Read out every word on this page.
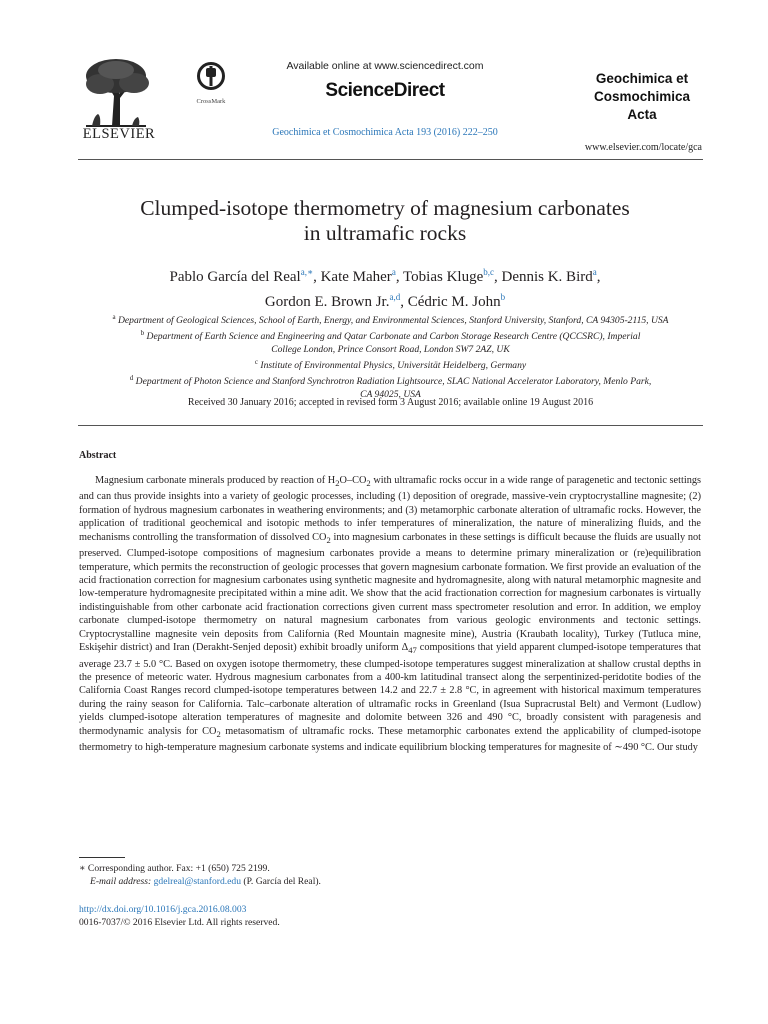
ELSEVIER
CrossMark
Available online at www.sciencedirect.com
ScienceDirect
Geochimica et Cosmochimica Acta 193 (2016) 222–250
Geochimica et
Cosmochimica
Acta
www.elsevier.com/locate/gca
Clumped-isotope thermometry of magnesium carbonates
in ultramafic rocks
Pablo García del Real$^{a,∗}$, Kate Maher$^a$, Tobias Kluge$^{b,c}$, Dennis K. Bird$^a$,
Gordon E. Brown Jr.$^{a,d}$, Cédric M. John$^b$
$^a$ Department of Geological Sciences, School of Earth, Energy, and Environmental Sciences, Stanford University, Stanford, CA 94305-2115, USA
$^b$ Department of Earth Science and Engineering and Qatar Carbonate and Carbon Storage Research Centre (QCCSRC), Imperial
College London, Prince Consort Road, London SW7 2AZ, UK
$^c$ Institute of Environmental Physics, Universität Heidelberg, Germany
$^d$ Department of Photon Science and Stanford Synchrotron Radiation Lightsource, SLAC National Accelerator Laboratory, Menlo Park,
CA 94025, USA
Received 30 January 2016; accepted in revised form 3 August 2016; available online 19 August 2016
Abstract

Magnesium carbonate minerals produced by reaction of $H_2O-CO_2$ with ultramafic rocks occur in a wide range of paragenetic and tectonic settings and can thus provide insights into a variety of geologic processes, including (1) deposition of oregrade, massive-vein cryptocrystalline magnesite; (2) formation of hydrous magnesium carbonates in weathering environments; and (3) metamorphic carbonate alteration of ultramafic rocks. However, the application of traditional geochemical and isotopic methods to infer temperatures of mineralization, the nature of mineralizing fluids, and the mechanisms controlling the transformation of dissolved $CO_2$ into magnesium carbonates in these settings is difficult because the fluids are usually not preserved. Clumped-isotope compositions of magnesium carbonates provide a means to determine primary mineralization or (re)equilibration temperature, which permits the reconstruction of geologic processes that govern magnesium carbonate formation. We first provide an evaluation of the acid fractionation correction for magnesium carbonates using synthetic magnesite and hydromagnesite, along with natural metamorphic magnesite and low-temperature hydromagnesite precipitated within a mine adit. We show that the acid fractionation correction for magnesium carbonates is virtually indistinguishable from other carbonate acid fractionation corrections given current mass spectrometer resolution and error. In addition, we employ carbonate clumped-isotope thermometry on natural magnesium carbonates from various geologic environments and tectonic settings. Cryptocrystalline magnesite vein deposits from California (Red Mountain magnesite mine), Austria (Kraubath locality), Turkey (Tutluca mine, Eskişehir district) and Iran (Derakht-Senjed deposit) exhibit broadly uniform $\Delta_{47}$ compositions that yield apparent clumped-isotope temperatures that average 23.7 ± 5.0 °C. Based on oxygen isotope thermometry, these clumped-isotope temperatures suggest mineralization at shallow crustal depths in the presence of meteoric water. Hydrous magnesium carbonates from a 400-km latitudinal transect along the serpentinized-peridotite bodies of the California Coast Ranges record clumped-isotope temperatures between 14.2 and 22.7 ± 2.8 °C, in agreement with historical maximum temperatures during the rainy season for California. Talc–carbonate alteration of ultramafic rocks in Greenland (Isua Supracrustal Belt) and Vermont (Ludlow) yields clumped-isotope alteration temperatures of magnesite and dolomite between 326 and 490 °C, broadly consistent with paragenesis and thermodynamic analysis for $CO_2$ metasomatism of ultramafic rocks. These metamorphic carbonates extend the applicability of clumped-isotope thermometry to high-temperature magnesium carbonate systems and indicate equilibrium blocking temperatures for magnesite of ∼490 °C. Our study

∗ Corresponding author. Fax: +1 (650) 725 2199.
E-mail address: gdelreal@stanford.edu (P. García del Real).
http://dx.doi.org/10.1016/j.gca.2016.08.003
0016-7037/© 2016 Elsevier Ltd. All rights reserved.
